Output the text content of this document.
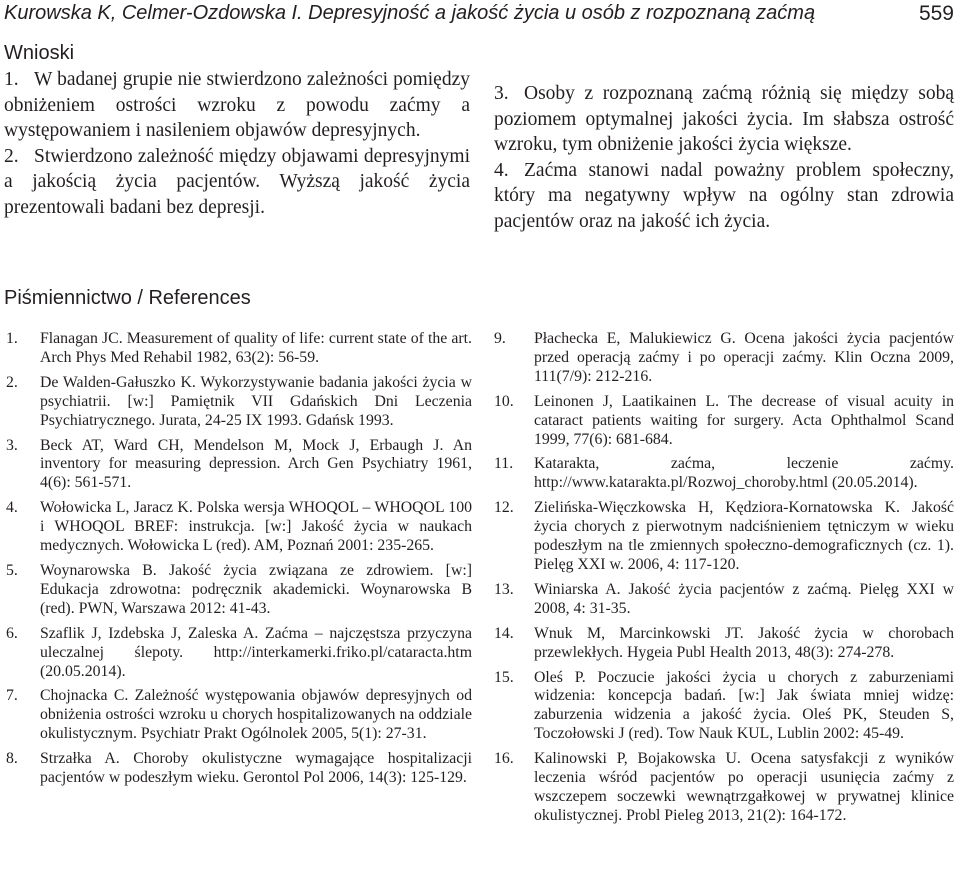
Kurowska K, Celmer-Ozdowska I. Depresyjność a jakość życia u osób z rozpoznaną zaćmą	559
Wnioski

1. W badanej grupie nie stwierdzono zależności pomiędzy obniżeniem ostrości wzroku z powodu zaćmy a występowaniem i nasileniem objawów depresyjnych.

2. Stwierdzono zależność między objawami depresyjnymi a jakością życia pacjentów. Wyższą jakość życia prezentowali badani bez depresji.

3. Osoby z rozpoznaną zaćmą różnią się między sobą poziomem optymalnej jakości życia. Im słabsza ostrość wzroku, tym obniżenie jakości życia większe.

4. Zaćma stanowi nadal poważny problem społeczny, który ma negatywny wpływ na ogólny stan zdrowia pacjentów oraz na jakość ich życia.

Piśmiennictwo / References

1. Flanagan JC. Measurement of quality of life: current state of the art. Arch Phys Med Rehabil 1982, 63(2): 56-59.

2. De Walden-Gałuszko K. Wykorzystywanie badania jakości życia w psychiatrii. [w:] Pamiętnik VII Gdańskich Dni Leczenia Psychiatrycznego. Jurata, 24-25 IX 1993. Gdańsk 1993.

3. Beck AT, Ward CH, Mendelson M, Mock J, Erbaugh J. An inventory for measuring depression. Arch Gen Psychiatry 1961, 4(6): 561-571.

4. Wołowicka L, Jaracz K. Polska wersja WHOQOL – WHOQOL 100 i WHOQOL BREF: instrukcja. [w:] Jakość życia w naukach medycznych. Wołowicka L (red). AM, Poznań 2001: 235-265.

5. Woynarowska B. Jakość życia związana ze zdrowiem. [w:] Edukacja zdrowotna: podręcznik akademicki. Woynarowska B (red). PWN, Warszawa 2012: 41-43.

6. Szaflik J, Izdebska J, Zaleska A. Zaćma – najczęstsza przyczyna uleczalnej ślepoty. http://interkamerki.friko.pl/cataracta.htm (20.05.2014).

7. Chojnacka C. Zależność występowania objawów depresyjnych od obniżenia ostrości wzroku u chorych hospitalizowanych na oddziale okulistycznym. Psychiatr Prakt Ogólnolek 2005, 5(1): 27-31.

8. Strzałka A. Choroby okulistyczne wymagające hospitalizacji pacjentów w podeszłym wieku. Gerontol Pol 2006, 14(3): 125-129.

9. Płachecka E, Malukiewicz G. Ocena jakości życia pacjentów przed operacją zaćmy i po operacji zaćmy. Klin Oczna 2009, 111(7/9): 212-216.

10. Leinonen J, Laatikainen L. The decrease of visual acuity in cataract patients waiting for surgery. Acta Ophthalmol Scand 1999, 77(6): 681-684.

11. Katarakta, zaćma, leczenie zaćmy. http://www.katarakta.pl/Rozwoj_choroby.html (20.05.2014).

12. Zielińska-Więczkowska H, Kędziora-Kornatowska K. Jakość życia chorych z pierwotnym nadciśnieniem tętniczym w wieku podeszłym na tle zmiennych społeczno-demograficznych (cz. 1). Pielęg XXI w. 2006, 4: 117-120.

13. Winiarska A. Jakość życia pacjentów z zaćmą. Pielęg XXI w 2008, 4: 31-35.

14. Wnuk M, Marcinkowski JT. Jakość życia w chorobach przewlekłych. Hygeia Publ Health 2013, 48(3): 274-278.

15. Oleś P. Poczucie jakości życia u chorych z zaburzeniami widzenia: koncepcja badań. [w:] Jak świata mniej widzę: zaburzenia widzenia a jakość życia. Oleś PK, Steuden S, Toczołowski J (red). Tow Nauk KUL, Lublin 2002: 45-49.

16. Kalinowski P, Bojakowska U. Ocena satysfakcji z wyników leczenia wśród pacjentów po operacji usunięcia zaćmy z wszczepem soczewki wewnątrzgałkowej w prywatnej klinice okulistycznej. Probl Pieleg 2013, 21(2): 164-172.
